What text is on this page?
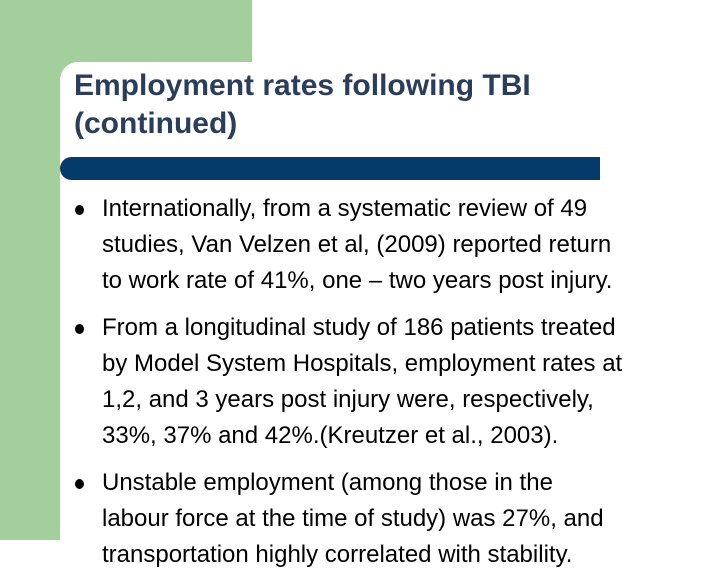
Employment rates following TBI
(continued)
Internationally, from a systematic review of 49
studies, Van Velzen et al, (2009) reported return
to work rate of 41%, one – two years post injury.
From a longitudinal study of 186 patients treated
by Model System Hospitals, employment rates at
1,2, and 3 years post injury were, respectively,
33%, 37% and 42%.(Kreutzer et al., 2003).
Unstable employment (among those in the
labour force at the time of study) was 27%, and
transportation highly correlated with stability.
